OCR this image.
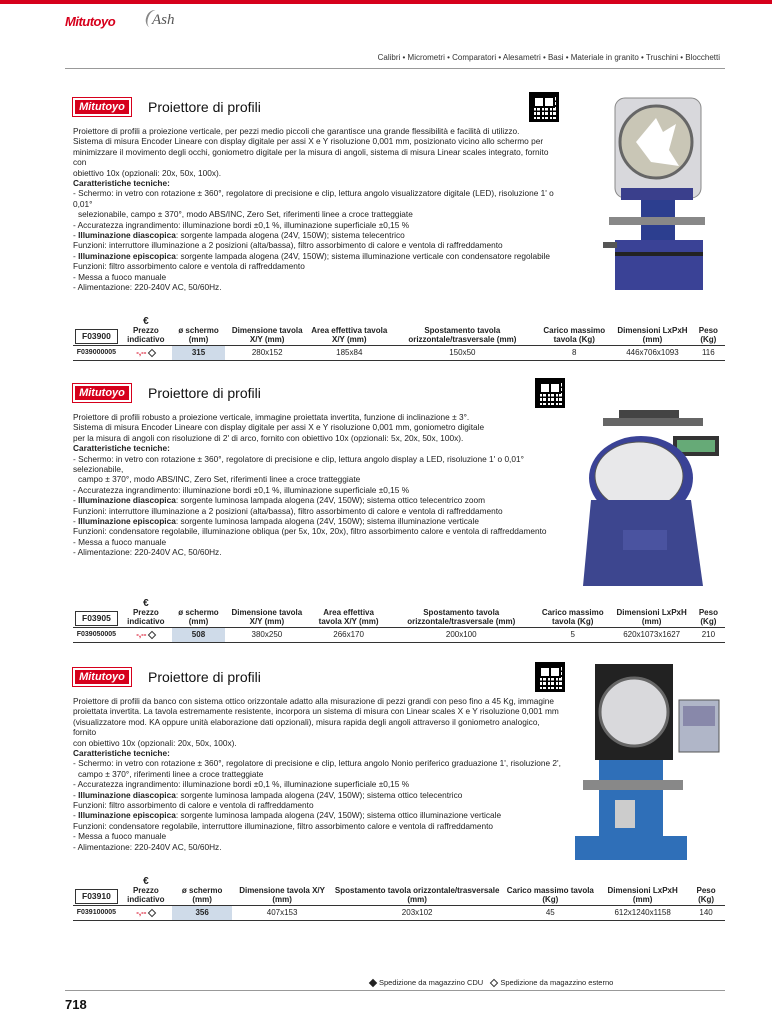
Mitutoyo Ash
Calibri • Micrometri • Comparatori • Alesametri • Basi • Materiale in granito • Truschini • Blocchetti
Mitutoyo	Proiettore di profili

Proiettore di profili a proiezione verticale, per pezzi medio piccoli che garantisce una grande flessibilità e facilità di utilizzo.

Sistema di misura Encoder Lineare con display digitale per assi X e Y risoluzione 0,001 mm, posizionato vicino allo schermo per

minimizzare il movimento degli occhi, goniometro digitale per la misura di angoli, sistema di misura Linear scales integrato, fornito con

obiettivo 10x (opzionali: 20x, 50x, 100x).

Caratteristiche tecniche:

- Schermo: in vetro con rotazione ± 360°, regolatore di precisione e clip, lettura angolo visualizzatore digitale (LED), risoluzione 1' o 0,01°

selezionabile, campo ± 370°, modo ABS/INC, Zero Set, riferimenti linee a croce tratteggiate

- Accuratezza ingrandimento: illuminazione bordi ±0,1 %, illuminazione superficiale ±0,15 %

- Illuminazione diascopica: sorgente lampada alogena (24V, 150W); sistema telecentrico

Funzioni: interruttore illuminazione a 2 posizioni (alta/bassa), filtro assorbimento di calore e ventola di raffreddamento

- Illuminazione episcopica: sorgente lampada alogena (24V, 150W); sistema illuminazione verticale con condensatore regolabile

Funzioni: filtro assorbimento calore e ventola di raffreddamento

- Messa a fuoco manuale

- Alimentazione: 220-240V AC, 50/60Hz.

F03900	€
Prezzo indicativo	ø schermo (mm)	Dimensione tavola X/Y (mm)	Area effettiva tavola X/Y (mm)	Spostamento tavola orizzontale/trasversale (mm)	Carico massimo tavola (Kg)	Dimensioni LxPxH (mm)	Peso (Kg)
F039000005	-,--	315	280x152	185x84	150x50	8	446x706x1093	116
Mitutoyo	Proiettore di profili

Proiettore di profili robusto a proiezione verticale, immagine proiettata invertita, funzione di inclinazione ± 3°.

Sistema di misura Encoder Lineare con display digitale per assi X e Y risoluzione 0,001 mm, goniometro digitale

per la misura di angoli con risoluzione di 2' di arco, fornito con obiettivo 10x (opzionali: 5x, 20x, 50x, 100x).

Caratteristiche tecniche:

- Schermo: in vetro con rotazione ± 360°, regolatore di precisione e clip, lettura angolo display a LED, risoluzione 1' o 0,01° selezionabile,

campo ± 370°, modo ABS/INC, Zero Set, riferimenti linee a croce tratteggiate

- Accuratezza ingrandimento: illuminazione bordi ±0,1 %, illuminazione superficiale ±0,15 %

- Illuminazione diascopica: sorgente luminosa lampada alogena (24V, 150W); sistema ottico telecentrico zoom

Funzioni: interruttore illuminazione a 2 posizioni (alta/bassa), filtro assorbimento di calore e ventola di raffreddamento

- Illuminazione episcopica: sorgente luminosa lampada alogena (24V, 150W); sistema illuminazione verticale

Funzioni: condensatore regolabile, illuminazione obliqua (per 5x, 10x, 20x), filtro assorbimento calore e ventola di raffreddamento

- Messa a fuoco manuale

- Alimentazione: 220-240V AC, 50/60Hz.

F03905	€
Prezzo indicativo	ø schermo (mm)	Dimensione tavola X/Y (mm)	Area effettiva tavola X/Y (mm)	Spostamento tavola orizzontale/trasversale (mm)	Carico massimo tavola (Kg)	Dimensioni LxPxH (mm)	Peso (Kg)
F039050005	-,--	508	380x250	266x170	200x100	5	620x1073x1627	210
Mitutoyo	Proiettore di profili

Proiettore di profili da banco con sistema ottico orizzontale adatto alla misurazione di pezzi grandi con peso fino a 45 Kg, immagine

proiettata invertita. La tavola estremamente resistente, incorpora un sistema di misura con Linear scales X e Y risoluzione 0,001 mm

(visualizzatore mod. KA oppure unità elaborazione dati opzionali), misura rapida degli angoli attraverso il goniometro analogico, fornito

con obiettivo 10x (opzionali: 20x, 50x, 100x).

Caratteristiche tecniche:

- Schermo: in vetro con rotazione ± 360°, regolatore di precisione e clip, lettura angolo Nonio periferico graduazione 1', risoluzione 2',

campo ± 370°, riferimenti linee a croce tratteggiate

- Accuratezza ingrandimento: illuminazione bordi ±0,1 %, illuminazione superficiale ±0,15 %

- Illuminazione diascopica: sorgente luminosa lampada alogena (24V, 150W); sistema ottico telecentrico

Funzioni: filtro assorbimento di calore e ventola di raffreddamento

- Illuminazione episcopica: sorgente luminosa lampada alogena (24V, 150W); sistema ottico illuminazione verticale

Funzioni: condensatore regolabile, interruttore illuminazione, filtro assorbimento calore e ventola di raffreddamento

- Messa a fuoco manuale

- Alimentazione: 220-240V AC, 50/60Hz.

F03910	€
Prezzo indicativo	ø schermo (mm)	Dimensione tavola X/Y (mm)	Spostamento tavola orizzontale/trasversale (mm)	Carico massimo tavola (Kg)	Dimensioni LxPxH (mm)	Peso (Kg)
F039100005	-,--	356	407x153	203x102	45	612x1240x1158	140
Spedizione da magazzino CDU Spedizione da magazzino esterno
718
